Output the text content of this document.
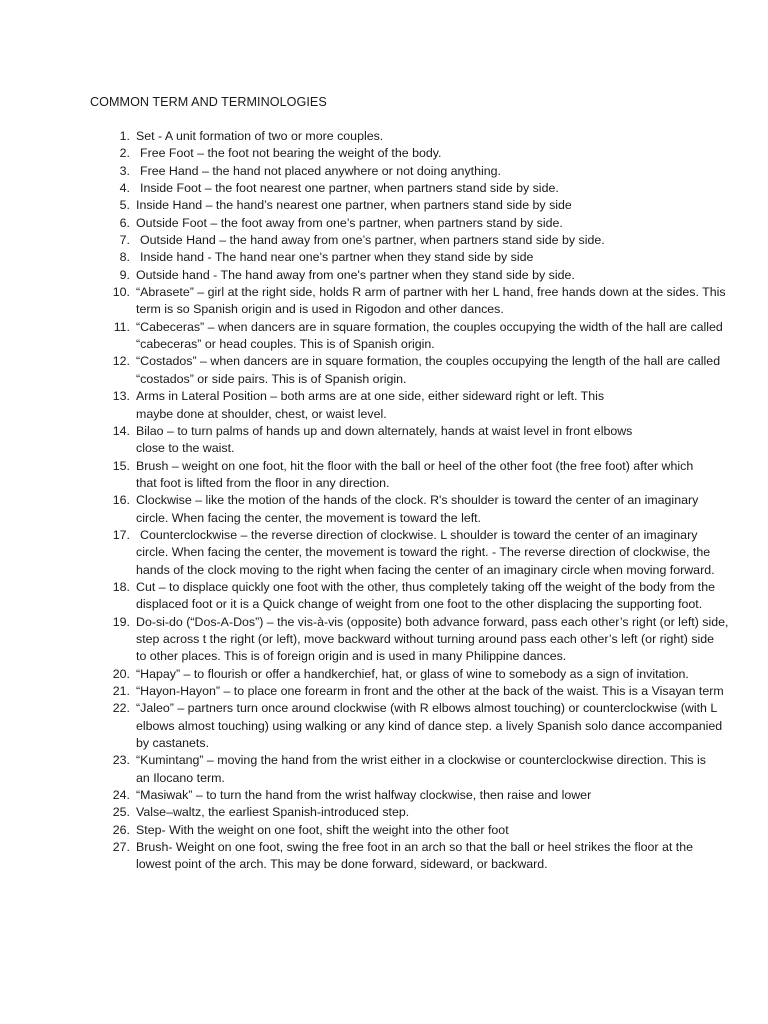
COMMON TERM AND TERMINOLOGIES
1. Set - A unit formation of two or more couples.
2. Free Foot – the foot not bearing the weight of the body.
3. Free Hand – the hand not placed anywhere or not doing anything.
4. Inside Foot – the foot nearest one partner, when partners stand side by side.
5. Inside Hand – the hand’s nearest one partner, when partners stand side by side
6. Outside Foot – the foot away from one’s partner, when partners stand by side.
7. Outside Hand – the hand away from one’s partner, when partners stand side by side.
8. Inside hand - The hand near one's partner when they stand side by side
9. Outside hand - The hand away from one's partner when they stand side by side.
10. “Abrasete” – girl at the right side, holds R arm of partner with her L hand, free hands down at the sides. This
term is so Spanish origin and is used in Rigodon and other dances.
11. “Cabeceras” – when dancers are in square formation, the couples occupying the width of the hall are called
“cabeceras” or head couples. This is of Spanish origin.
12. “Costados” – when dancers are in square formation, the couples occupying the length of the hall are called
“costados” or side pairs. This is of Spanish origin.
13. Arms in Lateral Position – both arms are at one side, either sideward right or left. This
maybe done at shoulder, chest, or waist level.
14. Bilao – to turn palms of hands up and down alternately, hands at waist level in front elbows
close to the waist.
15. Brush – weight on one foot, hit the floor with the ball or heel of the other foot (the free foot) after which
that foot is lifted from the floor in any direction.
16. Clockwise – like the motion of the hands of the clock. R's shoulder is toward the center of an imaginary
circle. When facing the center, the movement is toward the left.
17. Counterclockwise – the reverse direction of clockwise. L shoulder is toward the center of an imaginary
circle. When facing the center, the movement is toward the right. - The reverse direction of clockwise, the
hands of the clock moving to the right when facing the center of an imaginary circle when moving forward.
18. Cut – to displace quickly one foot with the other, thus completely taking off the weight of the body from the
displaced foot or it is a Quick change of weight from one foot to the other displacing the supporting foot.
19. Do-si-do (“Dos-A-Dos”) – the vis-à-vis (opposite) both advance forward, pass each other’s right (or left) side,
step across t the right (or left), move backward without turning around pass each other’s left (or right) side
to other places. This is of foreign origin and is used in many Philippine dances.
20. “Hapay” – to flourish or offer a handkerchief, hat, or glass of wine to somebody as a sign of invitation.
21. “Hayon-Hayon” – to place one forearm in front and the other at the back of the waist. This is a Visayan term
22. “Jaleo” – partners turn once around clockwise (with R elbows almost touching) or counterclockwise (with L
elbows almost touching) using walking or any kind of dance step. a lively Spanish solo dance accompanied
by castanets.
23. “Kumintang” – moving the hand from the wrist either in a clockwise or counterclockwise direction. This is
an Ilocano term.
24. “Masiwak” – to turn the hand from the wrist halfway clockwise, then raise and lower
25. Valse–waltz, the earliest Spanish-introduced step.
26. Step- With the weight on one foot, shift the weight into the other foot
27. Brush- Weight on one foot, swing the free foot in an arch so that the ball or heel strikes the floor at the
lowest point of the arch. This may be done forward, sideward, or backward.
